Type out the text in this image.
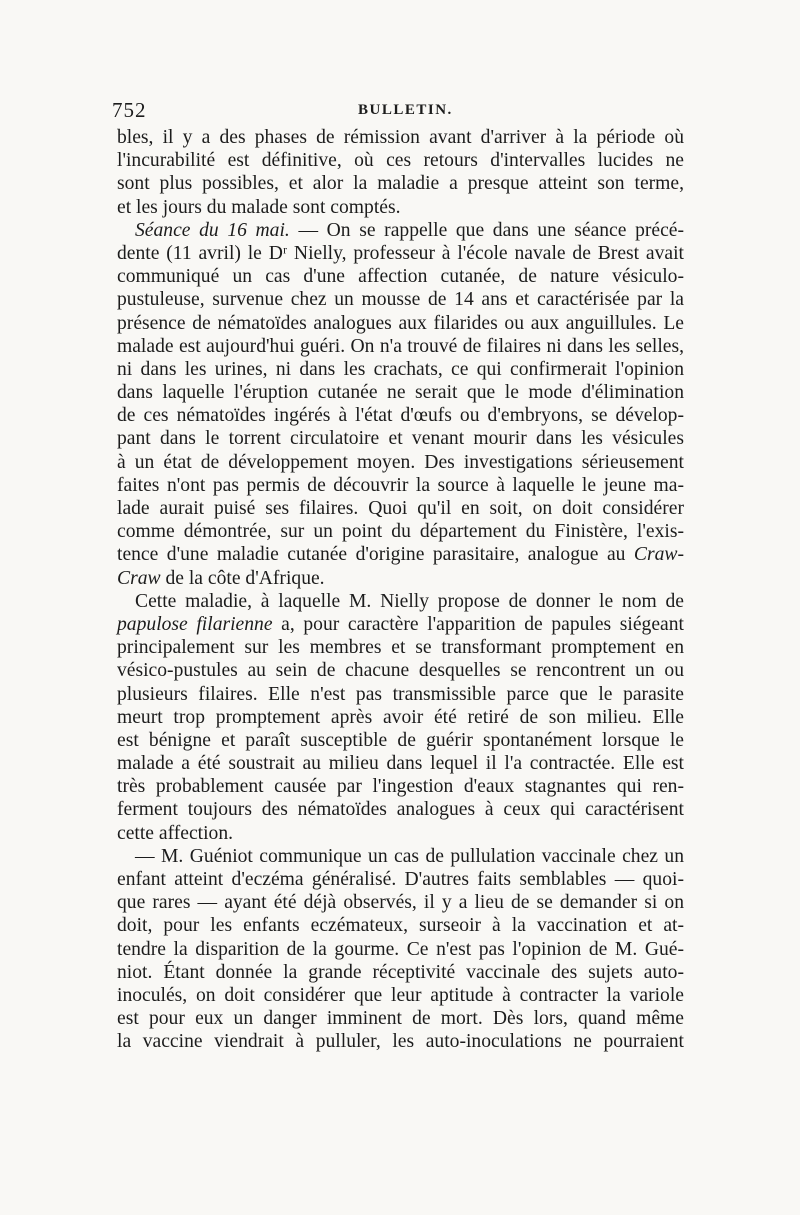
752	BULLETIN.
bles, il y a des phases de rémission avant d'arriver à la période où
l'incurabilité est définitive, où ces retours d'intervalles lucides ne
sont plus possibles, et alor la maladie a presque atteint son terme,
et les jours du malade sont comptés.
Séance du 16 mai. — On se rappelle que dans une séance précé-
dente (11 avril) le Dʳ Nielly, professeur à l'école navale de Brest avait
communiqué un cas d'une affection cutanée, de nature vésiculo-
pustuleuse, survenue chez un mousse de 14 ans et caractérisée par la
présence de nématoïdes analogues aux filarides ou aux anguillules. Le
malade est aujourd'hui guéri. On n'a trouvé de filaires ni dans les selles,
ni dans les urines, ni dans les crachats, ce qui confirmerait l'opinion
dans laquelle l'éruption cutanée ne serait que le mode d'élimination
de ces nématoïdes ingérés à l'état d'œufs ou d'embryons, se dévelop-
pant dans le torrent circulatoire et venant mourir dans les vésicules
à un état de développement moyen. Des investigations sérieusement
faites n'ont pas permis de découvrir la source à laquelle le jeune ma-
lade aurait puisé ses filaires. Quoi qu'il en soit, on doit considérer
comme démontrée, sur un point du département du Finistère, l'exis-
tence d'une maladie cutanée d'origine parasitaire, analogue au Craw-
Craw de la côte d'Afrique.
Cette maladie, à laquelle M. Nielly propose de donner le nom de
papulose filarienne a, pour caractère l'apparition de papules siégeant
principalement sur les membres et se transformant promptement en
vésico-pustules au sein de chacune desquelles se rencontrent un ou
plusieurs filaires. Elle n'est pas transmissible parce que le parasite
meurt trop promptement après avoir été retiré de son milieu. Elle
est bénigne et paraît susceptible de guérir spontanément lorsque le
malade a été soustrait au milieu dans lequel il l'a contractée. Elle est
très probablement causée par l'ingestion d'eaux stagnantes qui ren-
ferment toujours des nématoïdes analogues à ceux qui caractérisent
cette affection.
— M. Guéniot communique un cas de pullulation vaccinale chez un
enfant atteint d'eczéma généralisé. D'autres faits semblables — quoi-
que rares — ayant été déjà observés, il y a lieu de se demander si on
doit, pour les enfants eczémateux, surseoir à la vaccination et at-
tendre la disparition de la gourme. Ce n'est pas l'opinion de M. Gué-
niot. Étant donnée la grande réceptivité vaccinale des sujets auto-
inoculés, on doit considérer que leur aptitude à contracter la variole
est pour eux un danger imminent de mort. Dès lors, quand même
la vaccine viendrait à pulluler, les auto-inoculations ne pourraient
